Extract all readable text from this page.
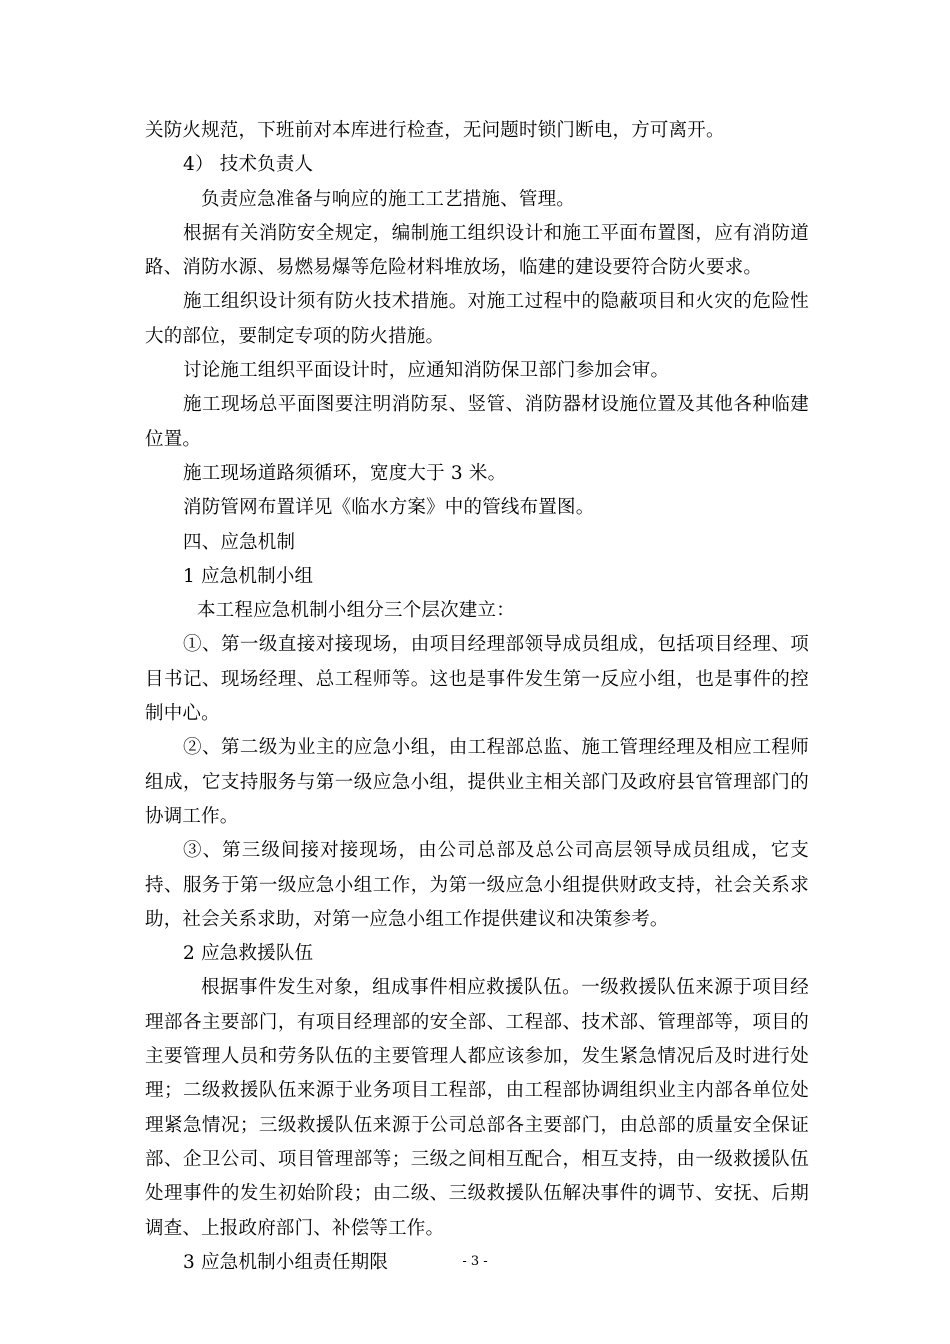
关防火规范，下班前对本库进行检查，无问题时锁门断电，方可离开。

4） 技术负责人

负责应急准备与响应的施工工艺措施、管理。

根据有关消防安全规定，编制施工组织设计和施工平面布置图，应有消防道路、消防水源、易燃易爆等危险材料堆放场，临建的建设要符合防火要求。

施工组织设计须有防火技术措施。对施工过程中的隐蔽项目和火灾的危险性大的部位，要制定专项的防火措施。

讨论施工组织平面设计时，应通知消防保卫部门参加会审。

施工现场总平面图要注明消防泵、竖管、消防器材设施位置及其他各种临建位置。

施工现场道路须循环，宽度大于 3 米。

消防管网布置详见《临水方案》中的管线布置图。

四、应急机制

1 应急机制小组

本工程应急机制小组分三个层次建立：

①、第一级直接对接现场，由项目经理部领导成员组成，包括项目经理、项目书记、现场经理、总工程师等。这也是事件发生第一反应小组，也是事件的控制中心。

②、第二级为业主的应急小组，由工程部总监、施工管理经理及相应工程师组成，它支持服务与第一级应急小组，提供业主相关部门及政府县官管理部门的协调工作。

③、第三级间接对接现场，由公司总部及总公司高层领导成员组成，它支持、服务于第一级应急小组工作，为第一级应急小组提供财政支持，社会关系求助，社会关系求助，对第一应急小组工作提供建议和决策参考。

2 应急救援队伍

根据事件发生对象，组成事件相应救援队伍。一级救援队伍来源于项目经理部各主要部门，有项目经理部的安全部、工程部、技术部、管理部等，项目的主要管理人员和劳务队伍的主要管理人都应该参加，发生紧急情况后及时进行处理；二级救援队伍来源于业务项目工程部，由工程部协调组织业主内部各单位处理紧急情况；三级救援队伍来源于公司总部各主要部门，由总部的质量安全保证部、企卫公司、项目管理部等；三级之间相互配合，相互支持，由一级救援队伍处理事件的发生初始阶段；由二级、三级救援队伍解决事件的调节、安抚、后期调查、上报政府部门、补偿等工作。

3 应急机制小组责任期限	- 3 -
